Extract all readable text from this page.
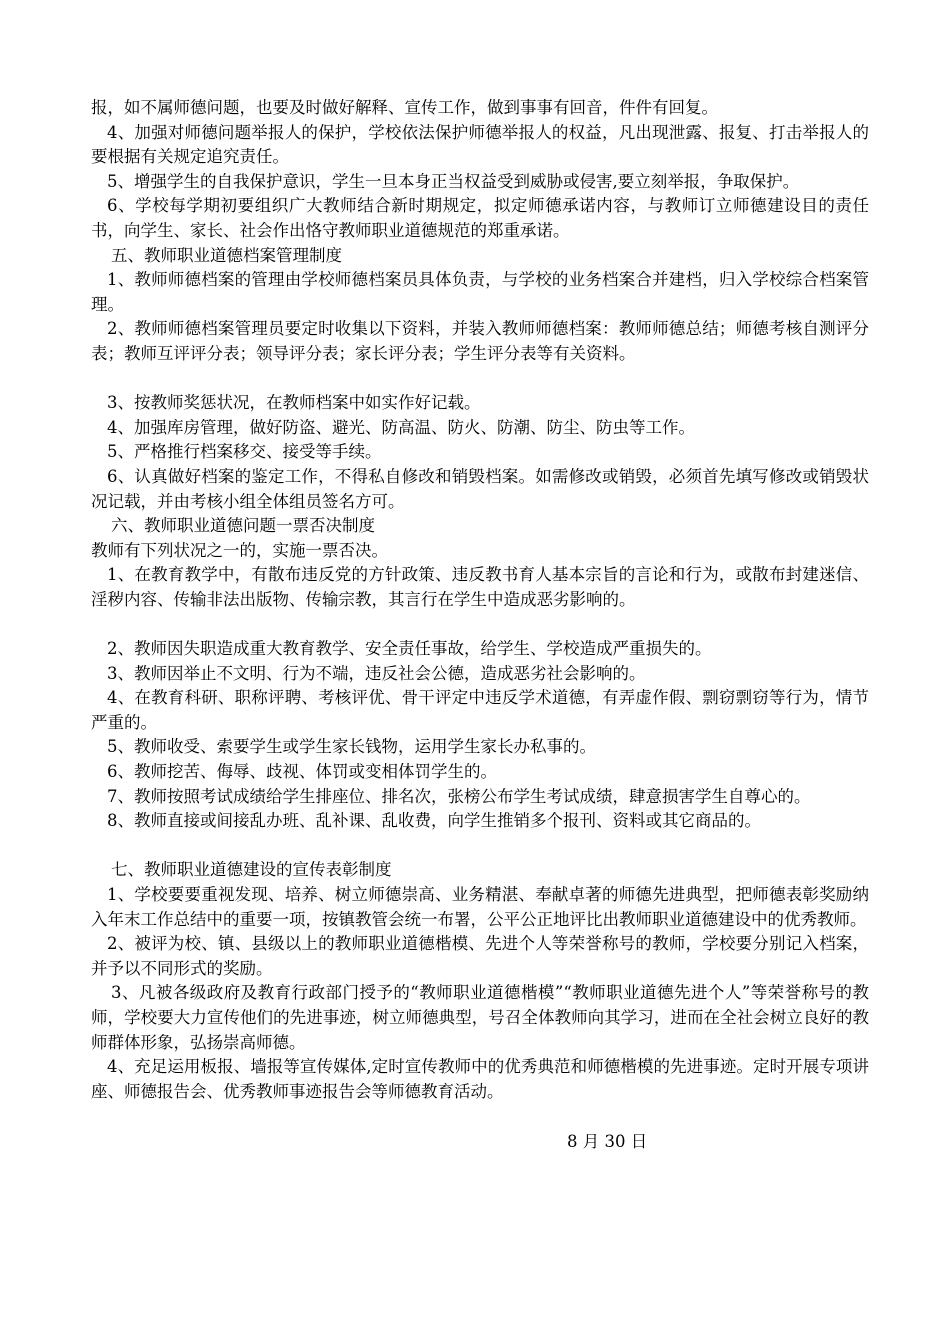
报，如不属师德问题，也要及时做好解释、宣传工作，做到事事有回音，件件有回复。

4、加强对师德问题举报人的保护，学校依法保护师德举报人的权益，凡出现泄露、报复、打击举报人的要根据有关规定追究责任。

5、增强学生的自我保护意识，学生一旦本身正当权益受到威胁或侵害,要立刻举报，争取保护。

6、学校每学期初要组织广大教师结合新时期规定，拟定师德承诺内容，与教师订立师德建设目的责任书，向学生、家长、社会作出恪守教师职业道德规范的郑重承诺。

五、教师职业道德档案管理制度

1、教师师德档案的管理由学校师德档案员具体负责，与学校的业务档案合并建档，归入学校综合档案管理。

2、教师师德档案管理员要定时收集以下资料，并装入教师师德档案：教师师德总结；师德考核自测评分表；教师互评评分表；领导评分表；家长评分表；学生评分表等有关资料。

3、按教师奖惩状况，在教师档案中如实作好记载。

4、加强库房管理，做好防盗、避光、防高温、防火、防潮、防尘、防虫等工作。

5、严格推行档案移交、接受等手续。

6、认真做好档案的鉴定工作，不得私自修改和销毁档案。如需修改或销毁，必须首先填写修改或销毁状况记载，并由考核小组全体组员签名方可。

六、教师职业道德问题一票否决制度

教师有下列状况之一的，实施一票否决。

1、在教育教学中，有散布违反党的方针政策、违反教书育人基本宗旨的言论和行为，或散布封建迷信、淫秽内容、传输非法出版物、传输宗教，其言行在学生中造成恶劣影响的。

2、教师因失职造成重大教育教学、安全责任事故，给学生、学校造成严重损失的。

3、教师因举止不文明、行为不端，违反社会公德，造成恶劣社会影响的。

4、在教育科研、职称评聘、考核评优、骨干评定中违反学术道德，有弄虚作假、剽窃剽窃等行为，情节严重的。

5、教师收受、索要学生或学生家长钱物，运用学生家长办私事的。

6、教师挖苦、侮辱、歧视、体罚或变相体罚学生的。

7、教师按照考试成绩给学生排座位、排名次，张榜公布学生考试成绩，肆意损害学生自尊心的。

8、教师直接或间接乱办班、乱补课、乱收费，向学生推销多个报刊、资料或其它商品的。

七、教师职业道德建设的宣传表彰制度

1、学校要要重视发现、培养、树立师德崇高、业务精湛、奉献卓著的师德先进典型，把师德表彰奖励纳入年末工作总结中的重要一项，按镇教管会统一布署，公平公正地评比出教师职业道德建设中的优秀教师。

2、被评为校、镇、县级以上的教师职业道德楷模、先进个人等荣誉称号的教师，学校要分别记入档案，并予以不同形式的奖励。

3、凡被各级政府及教育行政部门授予的“教师职业道德楷模”“教师职业道德先进个人”等荣誉称号的教师，学校要大力宣传他们的先进事迹，树立师德典型，号召全体教师向其学习，进而在全社会树立良好的教师群体形象，弘扬崇高师德。

4、充足运用板报、墙报等宣传媒体,定时宣传教师中的优秀典范和师德楷模的先进事迹。定时开展专项讲座、师德报告会、优秀教师事迹报告会等师德教育活动。

8 月 30 日
